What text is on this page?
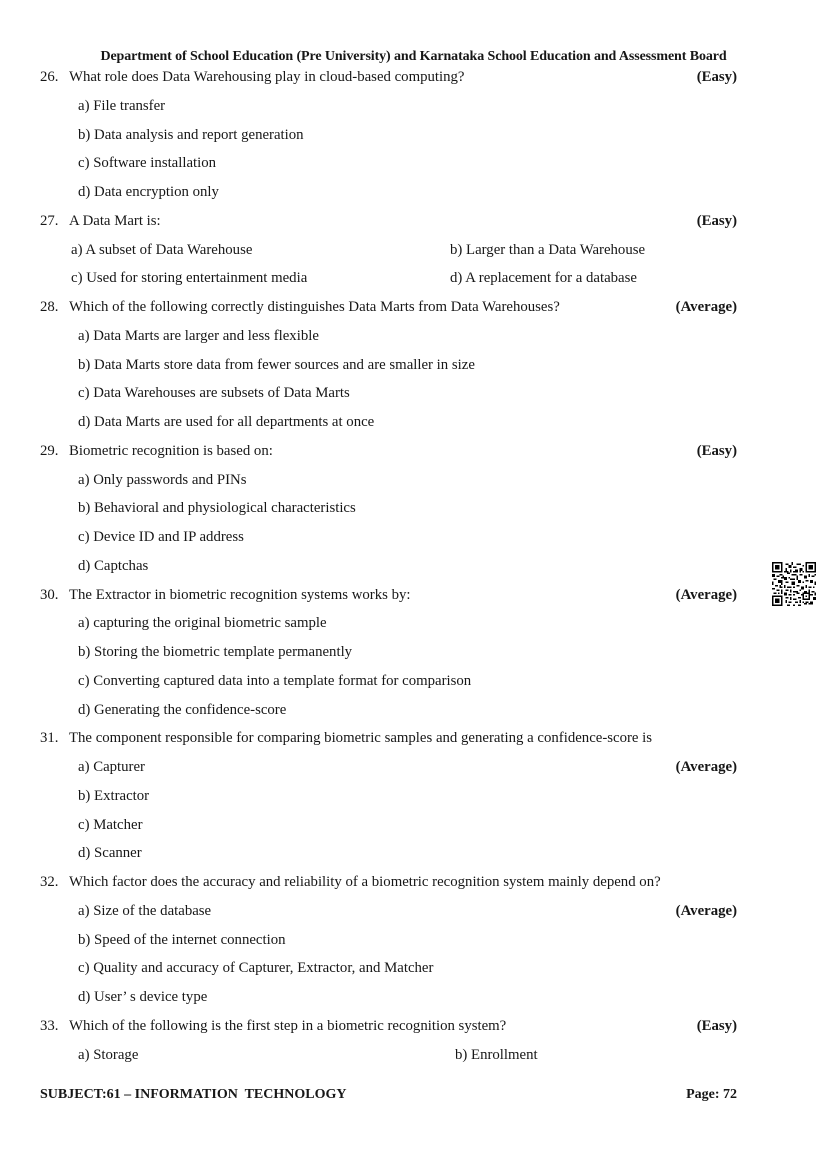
Department of School Education (Pre University) and Karnataka School Education and Assessment Board
26. What role does Data Warehousing play in cloud-based computing?	(Easy)
a) File transfer
b) Data analysis and report generation
c) Software installation
d) Data encryption only
27. A Data Mart is:	(Easy)
a) A subset of Data Warehouse	b) Larger than a Data Warehouse
c) Used for storing entertainment media	d) A replacement for a database
28. Which of the following correctly distinguishes Data Marts from Data Warehouses?	(Average)
a) Data Marts are larger and less flexible
b) Data Marts store data from fewer sources and are smaller in size
c) Data Warehouses are subsets of Data Marts
d) Data Marts are used for all departments at once
29. Biometric recognition is based on:	(Easy)
a) Only passwords and PINs
b) Behavioral and physiological characteristics
c) Device ID and IP address
d) Captchas
30. The Extractor in biometric recognition systems works by:	(Average)
a) capturing the original biometric sample
b) Storing the biometric template permanently
c) Converting captured data into a template format for comparison
d) Generating the confidence-score
31. The component responsible for comparing biometric samples and generating a confidence-score is
a) Capturer	(Average)
b) Extractor
c) Matcher
d) Scanner
32. Which factor does the accuracy and reliability of a biometric recognition system mainly depend on?
a) Size of the database	(Average)
b) Speed of the internet connection
c) Quality and accuracy of Capturer, Extractor, and Matcher
d) User’ s device type
33. Which of the following is the first step in a biometric recognition system?	(Easy)
a) Storage	b) Enrollment
SUBJECT:61 – INFORMATION  TECHNOLOGY	Page: 72
